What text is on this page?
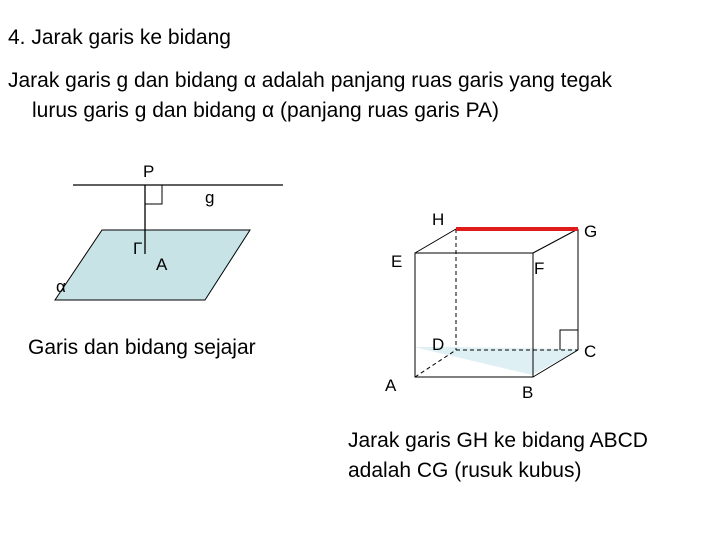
4. Jarak garis ke bidang
Jarak garis g dan bidang α adalah panjang ruas garis yang tegak
lurus garis g dan bidang α (panjang ruas garis PA)
P
g
Γ
A
α
H
G
E	F
D	C
A	B
Garis dan bidang sejajar
Jarak garis GH ke bidang ABCD
adalah CG (rusuk kubus)
